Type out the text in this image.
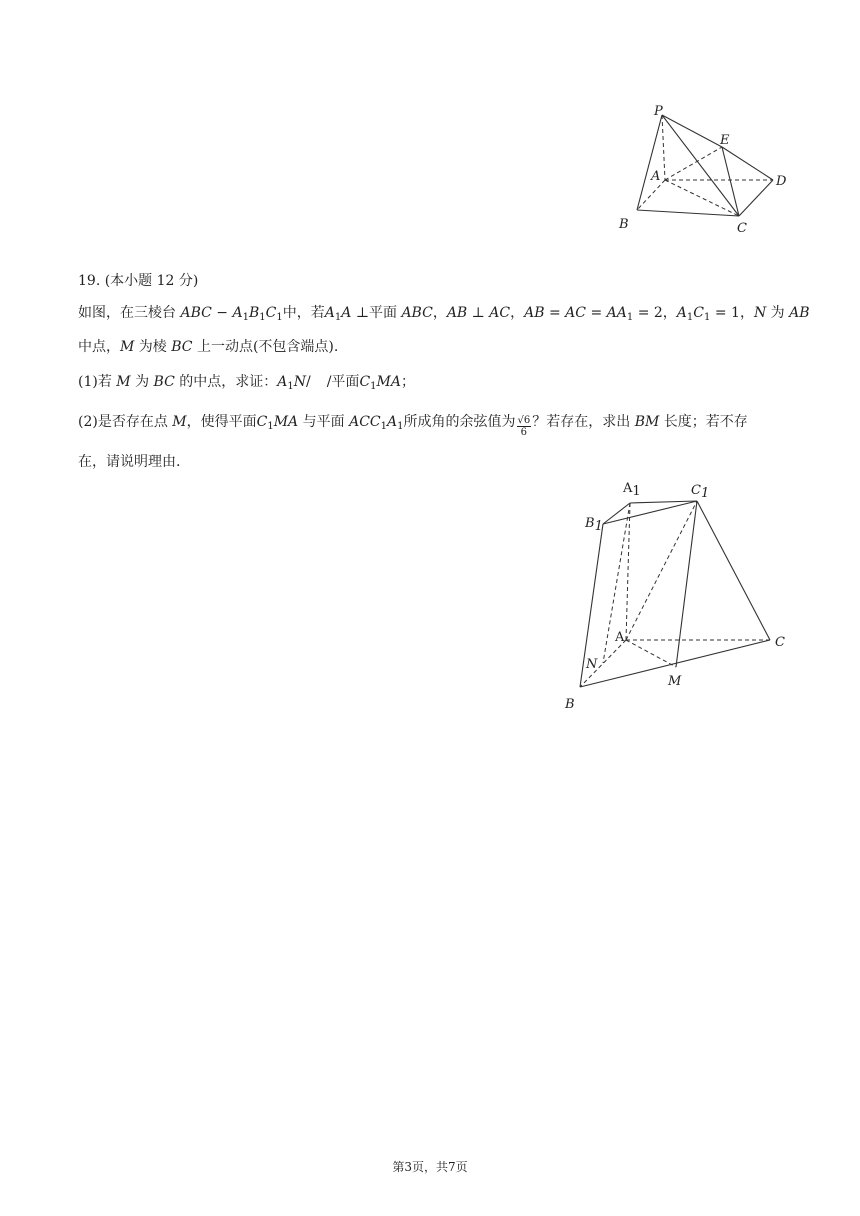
P
E
A	D
B	C
19. (本小题 12 分)
如图，在三棱台 ABC − $A_1B_1C_1$中，若$A_1A$ ⊥平面 ABC，AB ⊥ AC，AB = AC = $AA_1 = 2$，$A_1C_1 = 1$，N 为 AB
中点，M 为棱 BC 上一动点(不包含端点).
(1)若 M 为 BC 的中点，求证：$A_1N/$ /平面$C_1MA$；
(2)是否存在点 M，使得平面$C_1MA$ 与平面 $ACC_1A_1$所成角的余弦值为 $\frac{√6}{6}$ ？若存在，求出 BM 长度；若不存
在，请说明理由.
A1	C1
B1
A	C
N
M
B
第3页，共7页
